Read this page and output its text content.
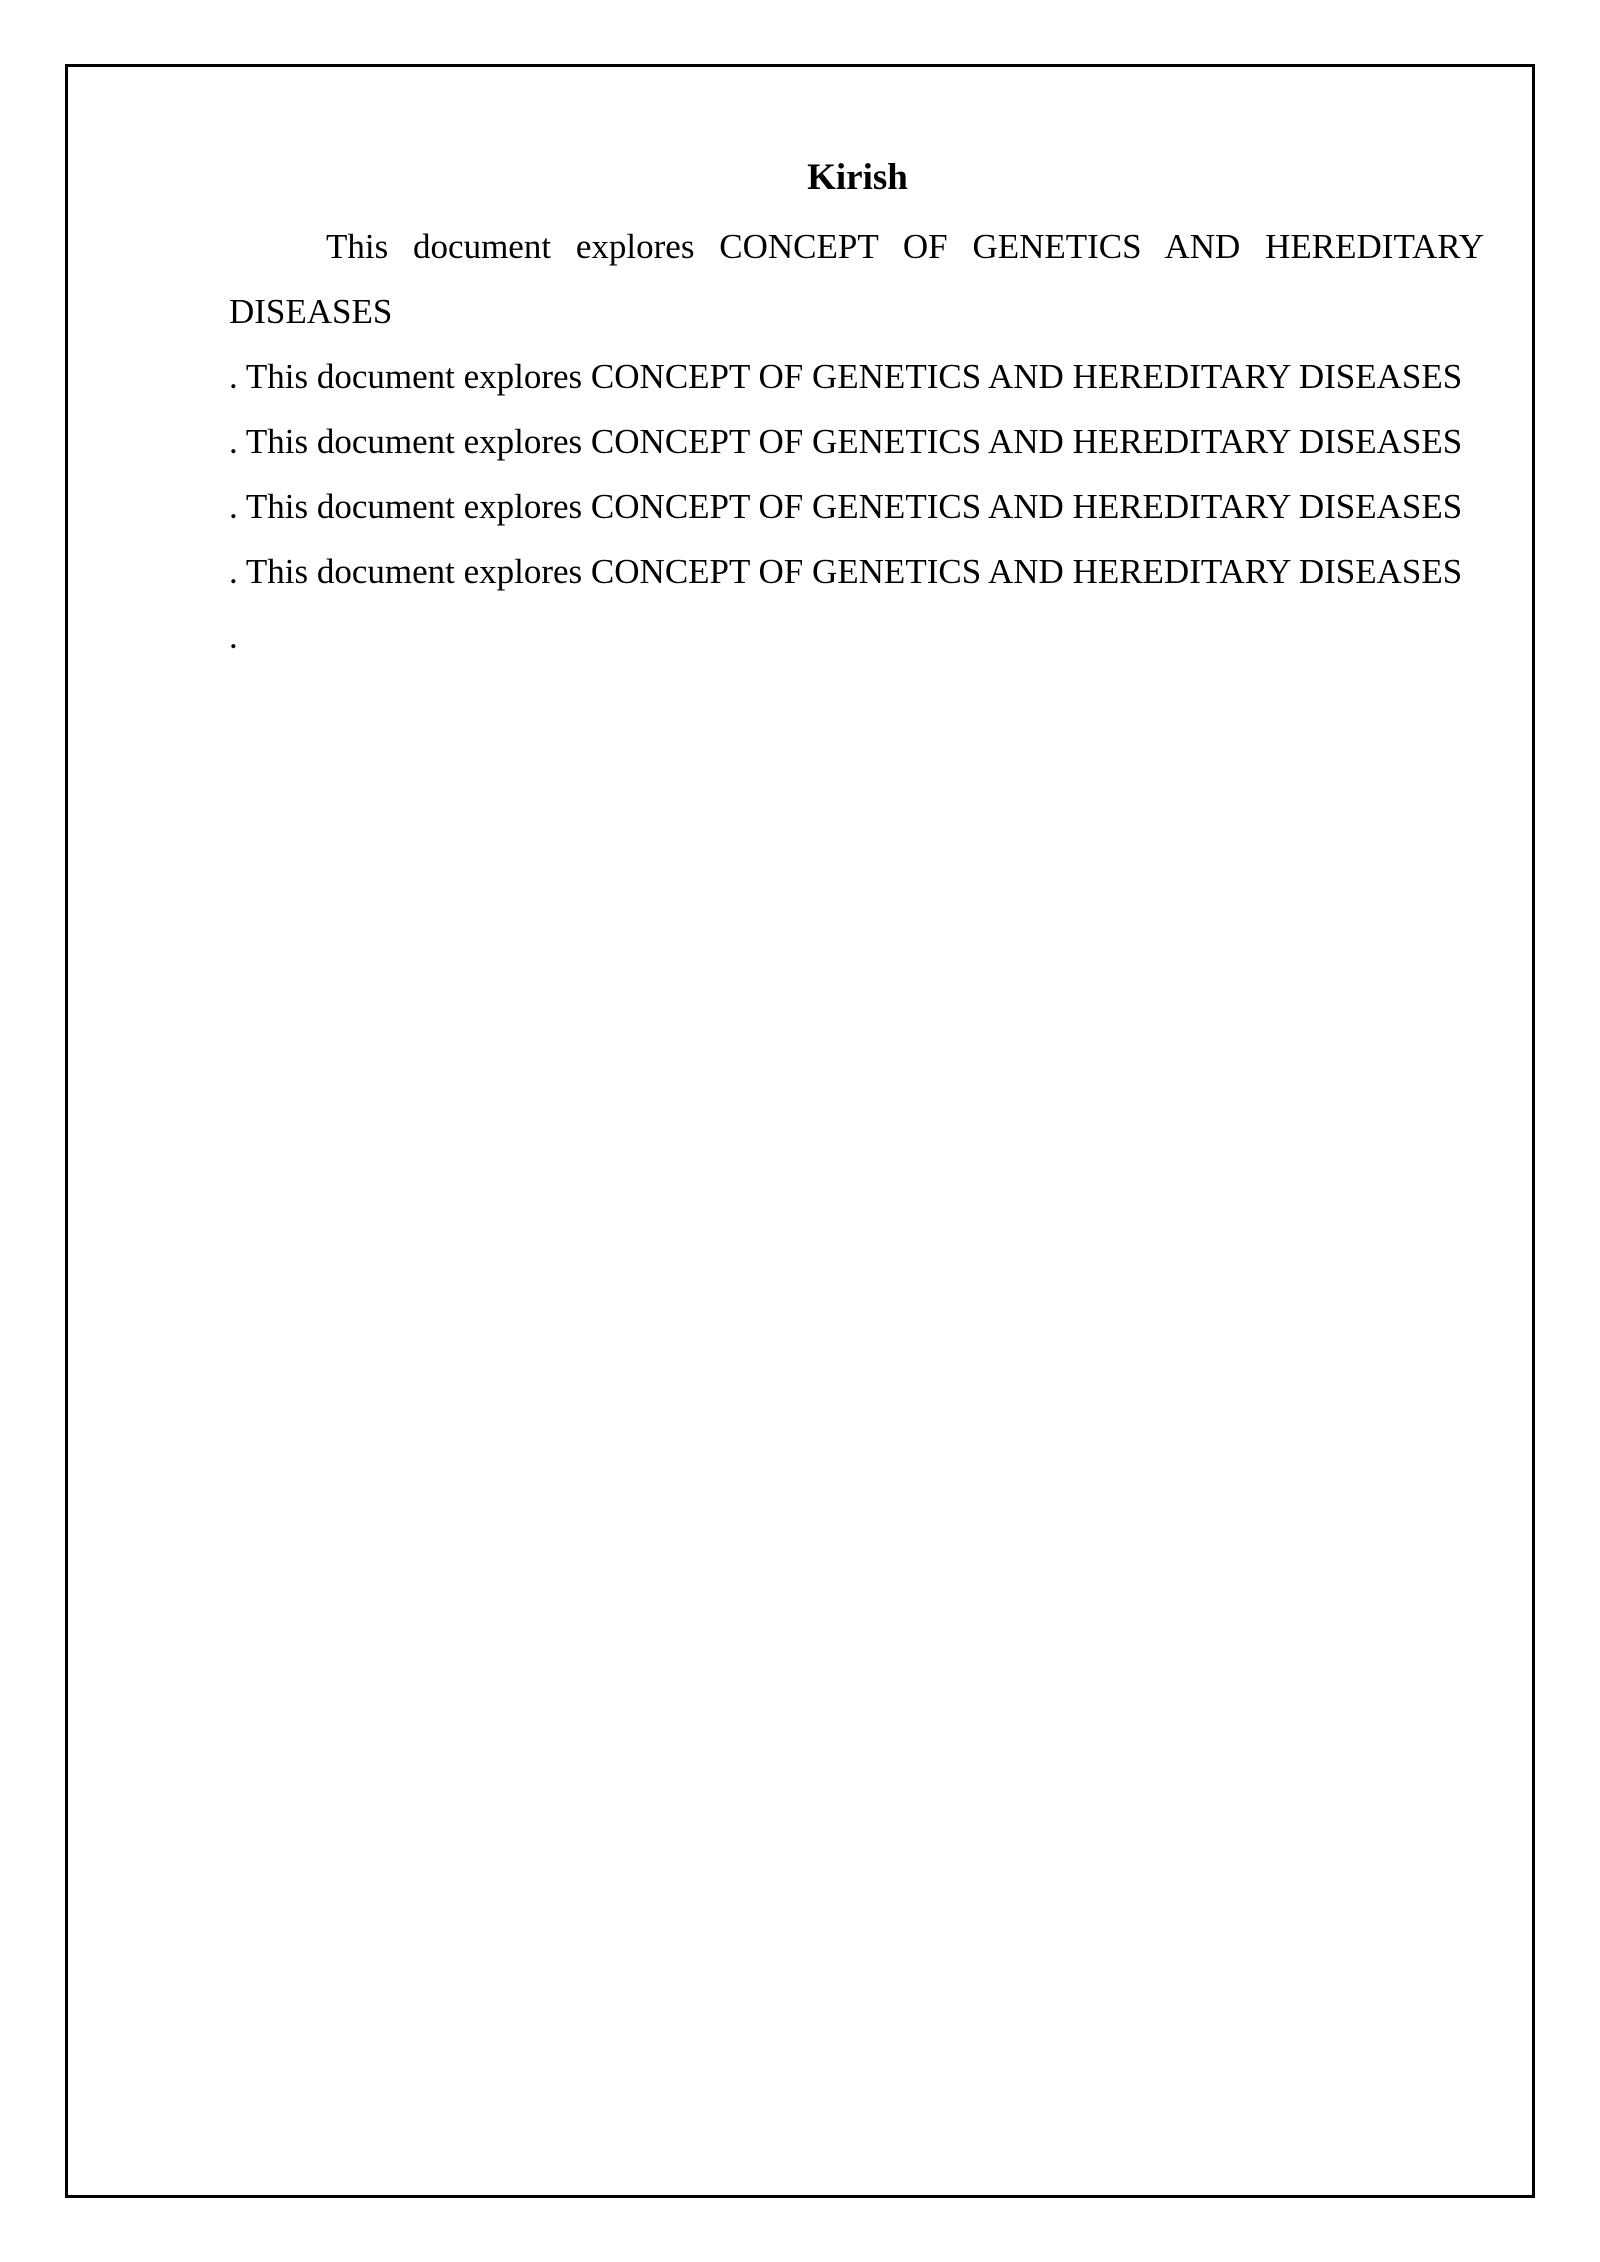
Kirish

This document explores CONCEPT OF GENETICS AND HEREDITARY DISEASES

. This document explores CONCEPT OF GENETICS AND HEREDITARY DISEASES

. This document explores CONCEPT OF GENETICS AND HEREDITARY DISEASES

. This document explores CONCEPT OF GENETICS AND HEREDITARY DISEASES

. This document explores CONCEPT OF GENETICS AND HEREDITARY DISEASES

.
